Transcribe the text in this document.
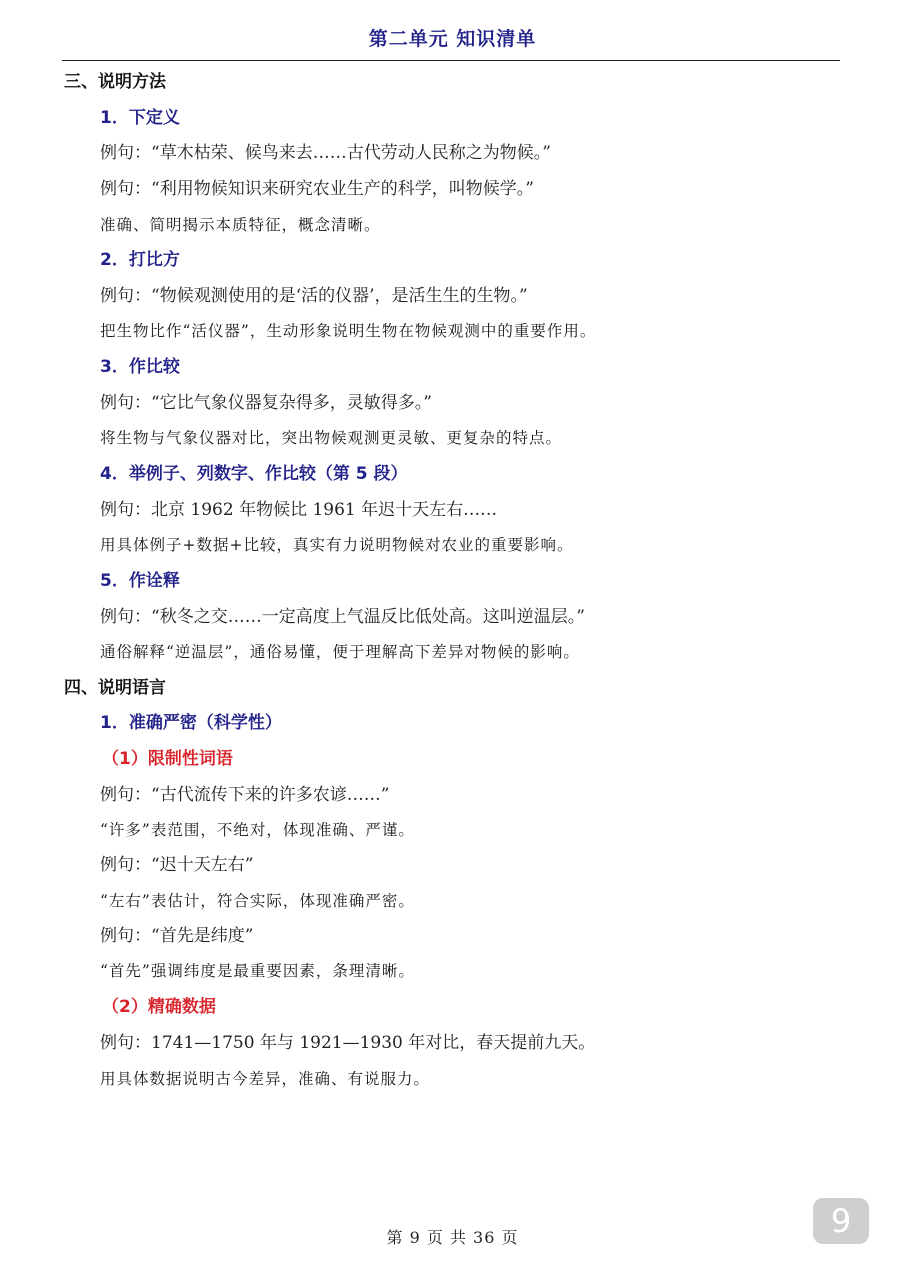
第二单元 知识清单
三、说明方法
1．下定义
例句：“草木枯荣、候鸟来去……古代劳动人民称之为物候。”
例句：“利用物候知识来研究农业生产的科学，叫物候学。”
准确、简明揭示本质特征，概念清晰。
2．打比方
例句：“物候观测使用的是‘活的仪器’，是活生生的生物。”
把生物比作“活仪器”，生动形象说明生物在物候观测中的重要作用。
3．作比较
例句：“它比气象仪器复杂得多，灵敏得多。”
将生物与气象仪器对比，突出物候观测更灵敏、更复杂的特点。
4．举例子、列数字、作比较（第 5 段）
例句：北京 1962 年物候比 1961 年迟十天左右……
用具体例子+数据+比较，真实有力说明物候对农业的重要影响。
5．作诠释
例句：“秋冬之交……一定高度上气温反比低处高。这叫逆温层。”
通俗解释“逆温层”，通俗易懂，便于理解高下差异对物候的影响。
四、说明语言
1．准确严密（科学性）
（1）限制性词语
例句：“古代流传下来的许多农谚……”
“许多”表范围，不绝对，体现准确、严谨。
例句：“迟十天左右”
“左右”表估计，符合实际，体现准确严密。
例句：“首先是纬度”
“首先”强调纬度是最重要因素，条理清晰。
（2）精确数据
例句：1741—1750 年与 1921—1930 年对比，春天提前九天。
用具体数据说明古今差异，准确、有说服力。
第 9 页 共 36 页	9
